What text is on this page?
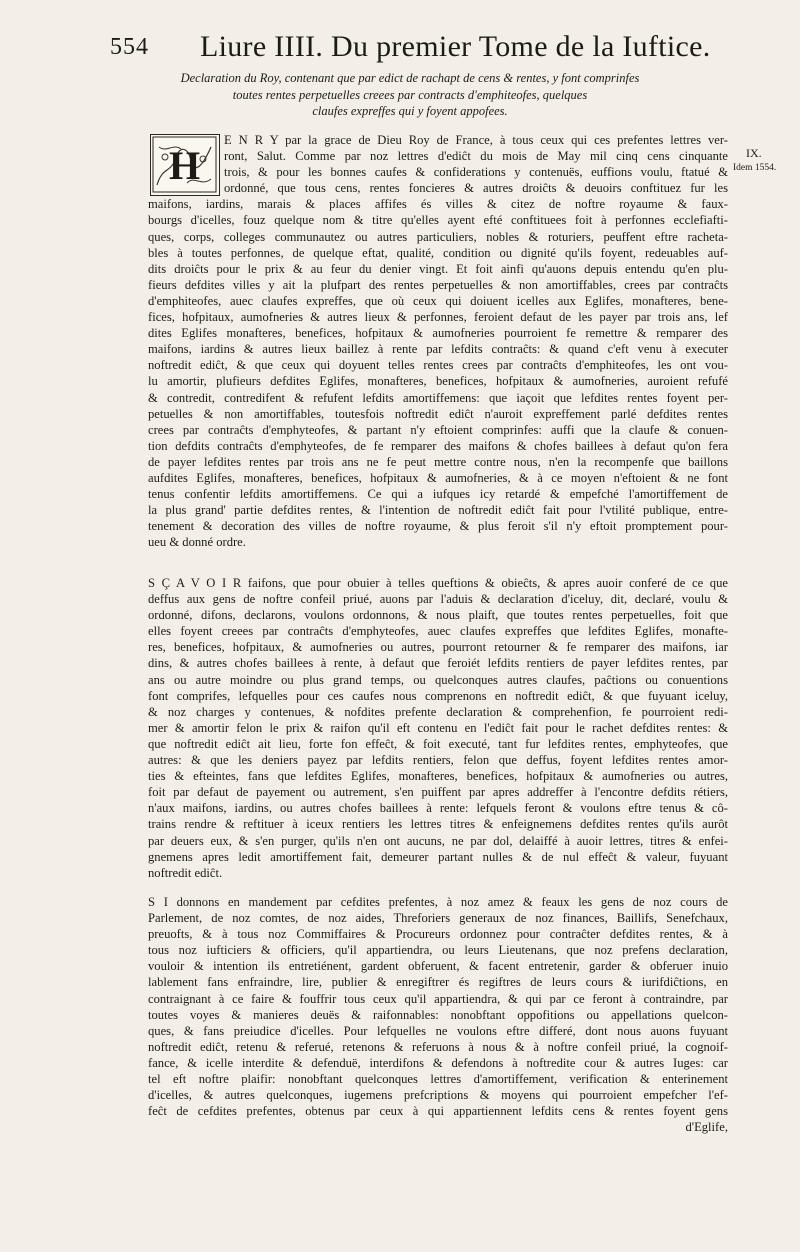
554 Liure IIII. Du premier Tome de la Iuftice.
Declaration du Roy, contenant que par edict de rachapt de cens & rentes, y font comprinfes
toutes rentes perpetuelles creees par contracts d'emphiteofes, quelques
claufes expreffes qui y foyent appofees.
IX.
Idem 1554.
H
E N R Y par la grace de Dieu Roy de France, à tous ceux qui ces prefentes lettres ver-
ront, Salut. Comme par noz lettres d'ediĉt du mois de May mil cinq cens cinquante
trois, & pour les bonnes caufes & confiderations y contenuës, euffions voulu, ftatué &
ordonné, que tous cens, rentes foncieres & autres droiĉts & deuoirs conftituez fur les
maifons, iardins, marais & places affifes és villes & citez de noftre royaume & faux-
bourgs d'icelles, fouz quelque nom & titre qu'elles ayent efté conftituees foit à perfonnes ecclefiafti-
ques, corps, colleges communautez ou autres particuliers, nobles & roturiers, peuffent eftre racheta-
bles à toutes perfonnes, de quelque eftat, qualité, condition ou dignité qu'ils foyent, redeuables auf-
dits droiĉts pour le prix & au feur du denier vingt. Et foit ainfi qu'auons depuis entendu qu'en plu-
fieurs defdites villes y ait la plufpart des rentes perpetuelles & non amortiffables, crees par contraĉts
d'emphiteofes, auec claufes expreffes, que où ceux qui doiuent icelles aux Eglifes, monafteres, bene-
fices, hofpitaux, aumofneries & autres lieux & perfonnes, feroient defaut de les payer par trois ans, lef
dites Eglifes monafteres, benefices, hofpitaux & aumofneries pourroient fe remettre & remparer des
maifons, iardins & autres lieux baillez à rente par lefdits contraĉts: & quand c'eft venu à executer
noftredit ediĉt, & que ceux qui doyuent telles rentes crees par contraĉts d'emphiteofes, les ont vou-
lu amortir, plufieurs defdites Eglifes, monafteres, benefices, hofpitaux & aumofneries, auroient refufé
& contredit, contredifent & refufent lefdits amortiffemens: que iaçoit que lefdites rentes foyent per-
petuelles & non amortiffables, toutesfois noftredit ediĉt n'auroit expreffement parlé defdites rentes
crees par contraĉts d'emphyteofes, & partant n'y eftoient comprinfes: auffi que la claufe & conuen-
tion defdits contraĉts d'emphyteofes, de fe remparer des maifons & chofes baillees à defaut qu'on fera
de payer lefdites rentes par trois ans ne fe peut mettre contre nous, n'en la recompenfe que baillons
aufdites Eglifes, monafteres, benefices, hofpitaux & aumofneries, & à ce moyen n'eftoient & ne font
tenus confentir lefdits amortiffemens. Ce qui a iufques icy retardé & empefché l'amortiffement de
la plus grand' partie defdites rentes, & l'intention de noftredit ediĉt fait pour l'vtilité publique, entre-
tenement & decoration des villes de noftre royaume, & plus feroit s'il n'y eftoit promptement pour-
ueu & donné ordre.
S Ç A V O I R faifons, que pour obuier à telles queftions & obieĉts, & apres auoir conferé de ce que
deffus aux gens de noftre confeil priué, auons par l'aduis & declaration d'iceluy, dit, declaré, voulu &
ordonné, difons, declarons, voulons ordonnons, & nous plaift, que toutes rentes perpetuelles, foit que
elles foyent creees par contraĉts d'emphyteofes, auec claufes expreffes que lefdites Eglifes, monafte-
res, benefices, hofpitaux, & aumofneries ou autres, pourront retourner & fe remparer des maifons, iar
dins, & autres chofes baillees à rente, à defaut que feroiét lefdits rentiers de payer lefdites rentes, par
ans ou autre moindre ou plus grand temps, ou quelconques autres claufes, paĉtions ou conuentions
font comprifes, lefquelles pour ces caufes nous comprenons en noftredit ediĉt, & que fuyuant iceluy,
& noz charges y contenues, & nofdites prefente declaration & comprehenfion, fe pourroient redi-
mer & amortir felon le prix & raifon qu'il eft contenu en l'ediĉt fait pour le rachet defdites rentes: &
que noftredit ediĉt ait lieu, forte fon effeĉt, & foit executé, tant fur lefdites rentes, emphyteofes, que
autres: & que les deniers payez par lefdits rentiers, felon que deffus, foyent lefdites rentes amor-
ties & efteintes, fans que lefdites Eglifes, monafteres, benefices, hofpitaux & aumofneries ou autres,
foit par defaut de payement ou autrement, s'en puiffent par apres addreffer à l'encontre defdits rétiers,
n'aux maifons, iardins, ou autres chofes baillees à rente: lefquels feront & voulons eftre tenus & cô-
trains rendre & reftituer à iceux rentiers les lettres titres & enfeignemens defdites rentes qu'ils aurôt
par deuers eux, & s'en purger, qu'ils n'en ont aucuns, ne par dol, delaiffé à auoir lettres, titres & enfei-
gnemens apres ledit amortiffement fait, demeurer partant nulles & de nul effeĉt & valeur, fuyuant
noftredit ediĉt.
S I donnons en mandement par cefdites prefentes, à noz amez & feaux les gens de noz cours de
Parlement, de noz comtes, de noz aides, Threforiers generaux de noz finances, Baillifs, Senefchaux,
preuofts, & à tous noz Commiffaires & Procureurs ordonnez pour contraĉter defdites rentes, & à
tous noz iufticiers & officiers, qu'il appartiendra, ou leurs Lieutenans, que noz prefens declaration,
vouloir & intention ils entretiénent, gardent obferuent, & facent entretenir, garder & obferuer inuio
lablement fans enfraindre, lire, publier & enregiftrer és regiftres de leurs cours & iurifdiĉtions, en
contraignant à ce faire & fouffrir tous ceux qu'il appartiendra, & qui par ce feront à contraindre, par
toutes voyes & manieres deuës & raifonnables: nonobftant oppofitions ou appellations quelcon-
ques, & fans preiudice d'icelles. Pour lefquelles ne voulons eftre differé, dont nous auons fuyuant
noftredit ediĉt, retenu & referué, retenons & referuons à nous & à noftre confeil priué, la cognoif-
fance, & icelle interdite & defenduë, interdifons & defendons à noftredite cour & autres Iuges: car
tel eft noftre plaifir: nonobftant quelconques lettres d'amortiffement, verification & enterinement
d'icelles, & autres quelconques, iugemens prefcriptions & moyens qui pourroient empefcher l'ef-
feĉt de cefdites prefentes, obtenus par ceux à qui appartiennent lefdits cens & rentes foyent gens
d'Eglife,
